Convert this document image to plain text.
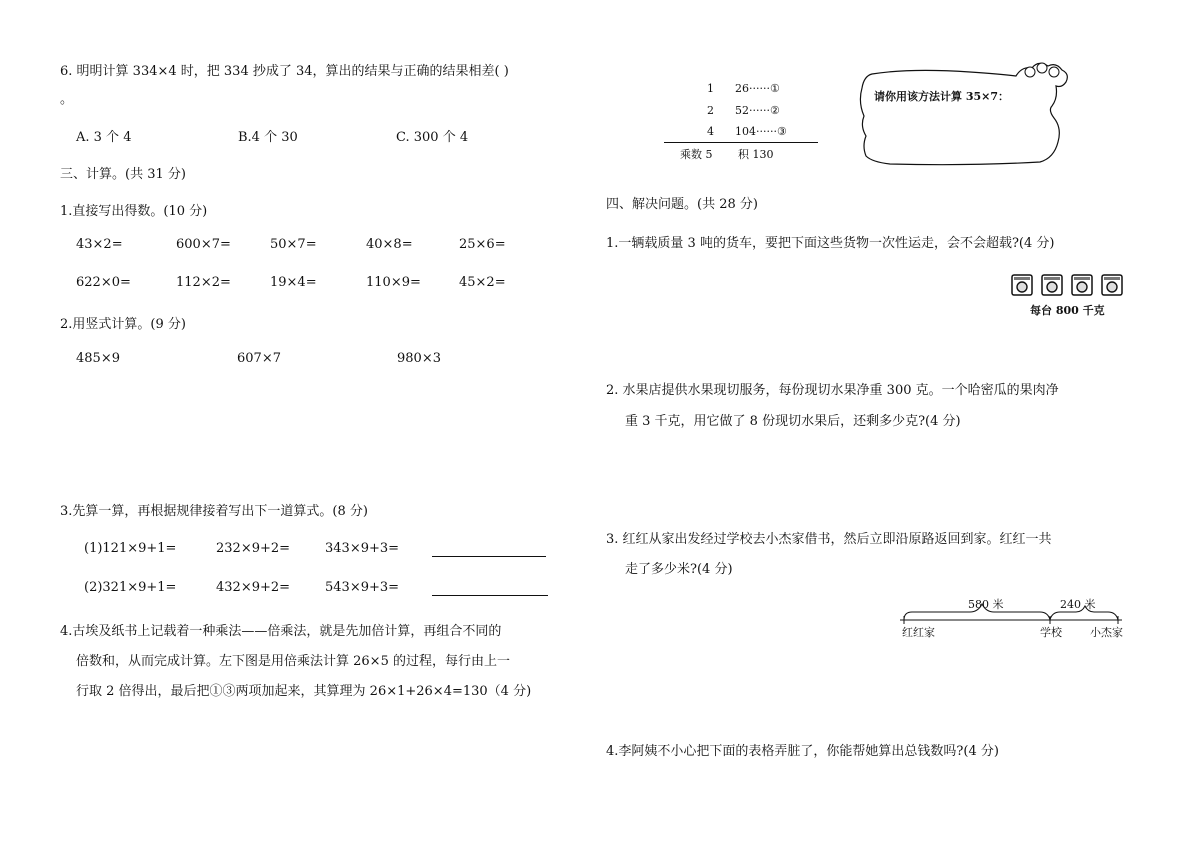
6. 明明计算 334×4 时，把 334 抄成了 34，算出的结果与正确的结果相差( )
。
A. 3 个 4	B.4 个 30	C. 300 个 4
三、计算。(共 31 分)
1.直接写出得数。(10 分)
43×2=	600×7=	50×7=	40×8=	25×6=
622×0=	112×2=	19×4=	110×9=	45×2=
2.用竖式计算。(9 分)
485×9	607×7	980×3
3.先算一算，再根据规律接着写出下一道算式。(8 分)
(1)121×9+1=	232×9+2=	343×9+3=
(2)321×9+1=	432×9+2=	543×9+3=
4.古埃及纸书上记载着一种乘法——倍乘法，就是先加倍计算，再组合不同的
倍数和，从而完成计算。左下图是用倍乘法计算 26×5 的过程，每行由上一
行取 2 倍得出，最后把①③两项加起来，其算理为 26×1+26×4=130（4 分)
1 26······①
2 52······②
4 104······③
乘数 5 积 130
请你用该方法计算 35×7：
四、解决问题。(共 28 分)
1.一辆载质量 3 吨的货车，要把下面这些货物一次性运走，会不会超载?(4 分)
每台 800 千克
2. 水果店提供水果现切服务，每份现切水果净重 300 克。一个哈密瓜的果肉净
重 3 千克，用它做了 8 份现切水果后，还剩多少克?(4 分)
3. 红红从家出发经过学校去小杰家借书，然后立即沿原路返回到家。红红一共
走了多少米?(4 分)
580 米	240 米
红红家	学校	小杰家
4.李阿姨不小心把下面的表格弄脏了，你能帮她算出总钱数吗?(4 分)
